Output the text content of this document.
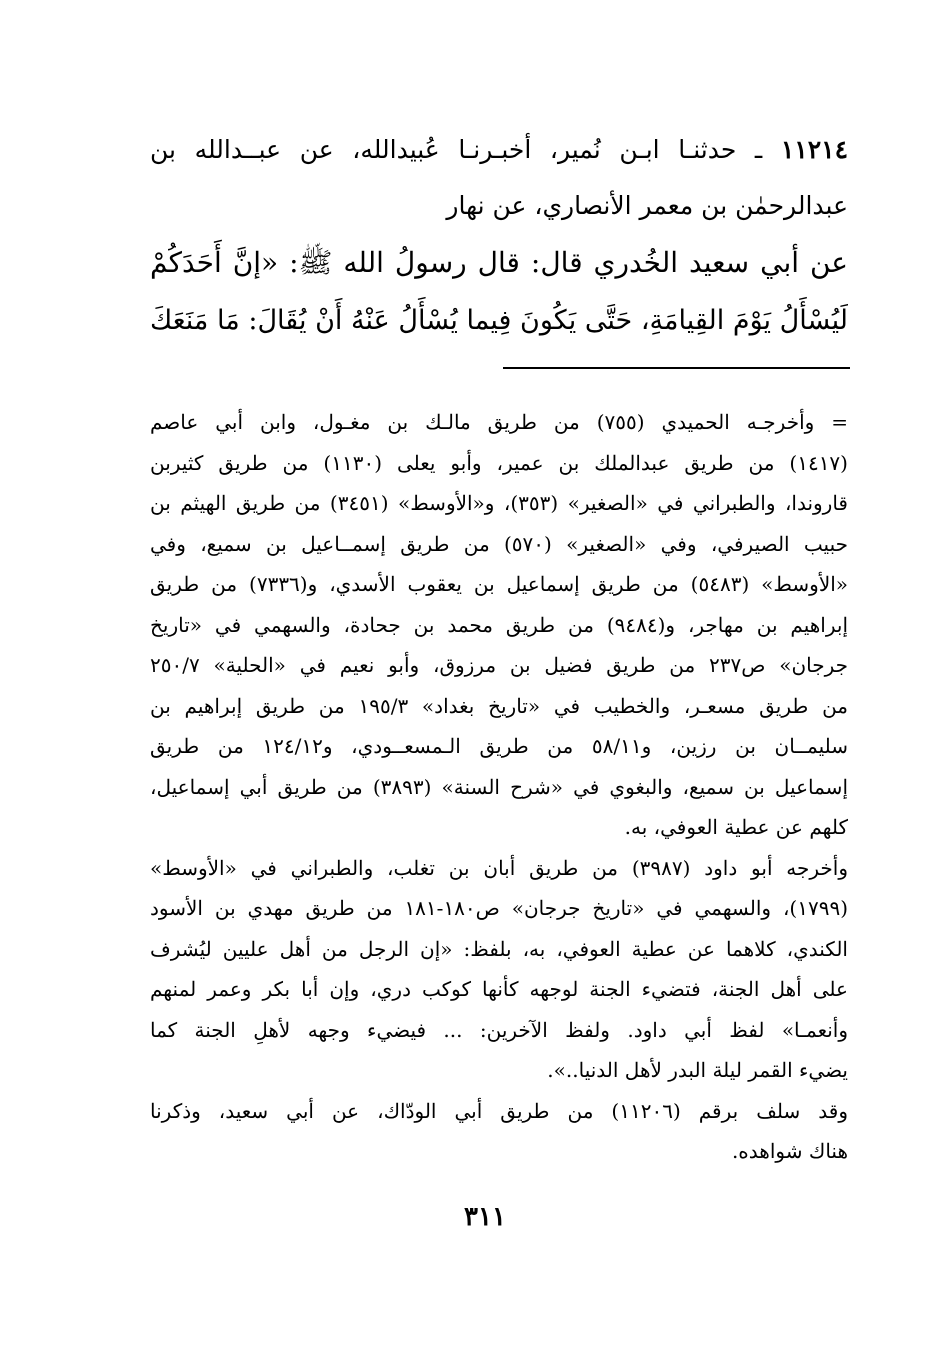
١١٢١٤ ـ حدثنـا ابـن نُمير، أخبـرنـا عُبيدالله، عن عبــدالله بن
عبدالرحمٰن بن معمر الأنصاري، عن نهار
عن أبي سعيد الخُدري قال: قال رسولُ الله ﷺ: «إنَّ أَحَدَكُمْ
لَيُسْأَلُ يَوْمَ القِيامَةِ، حَتَّى يَكُونَ فِيما يُسْأَلُ عَنْهُ أَنْ يُقَالَ: مَا مَنَعَكَ
= وأخرجـه الحميدي (٧٥٥) من طريق مالـك بن مغـول، وابن أبي عاصم
(١٤١٧) من طريق عبدالملك بن عمير، وأبو يعلى (١١٣٠) من طريق كثيربن
قاروندا، والطبراني في «الصغير» (٣٥٣)، و«الأوسط» (٣٤٥١) من طريق الهيثم بن
حبيب الصيرفي، وفي «الصغير» (٥٧٠) من طريق إسمــاعيل بن سميع، وفي
«الأوسط» (٥٤٨٣) من طريق إسماعيل بن يعقوب الأسدي، و(٧٣٣٦) من طريق
إبراهيم بن مهاجر، و(٩٤٨٤) من طريق محمد بن جحادة، والسهمي في «تاريخ
جرجان» ص٢٣٧ من طريق فضيل بن مرزوق، وأبو نعيم في «الحلية» ٢٥٠/٧
من طريق مسعـر، والخطيب في «تاريخ بغداد» ١٩٥/٣ من طريق إبراهيم بن
سليمــان بن رزين، و٥٨/١١ من طريق الـمسعــودي، و١٢٤/١٢ من طريق
إسماعيل بن سميع، والبغوي في «شرح السنة» (٣٨٩٣) من طريق أبي إسماعيل،
كلهم عن عطية العوفي، به.
وأخرجه أبو داود (٣٩٨٧) من طريق أبان بن تغلب، والطبراني في «الأوسط»
(١٧٩٩)، والسهمي في «تاريخ جرجان» ص١٨٠-١٨١ من طريق مهدي بن الأسود
الكندي، كلاهما عن عطية العوفي، به، بلفظ: «إن الرجل من أهل عليين ليُشرف
على أهل الجنة، فتضيء الجنة لوجهه كأنها كوكب دري، وإن أبا بكر وعمر لمنهم
وأنعمـا» لفظ أبي داود. ولفظ الآخرين: ... فيضيء وجهه لأهلِ الجنة كما
يضيء القمر ليلة البدر لأهل الدنيا..».
وقد سلف برقم (١١٢٠٦) من طريق أبي الودّاك، عن أبي سعيد، وذكرنا
هناك شواهده.
٣١١
